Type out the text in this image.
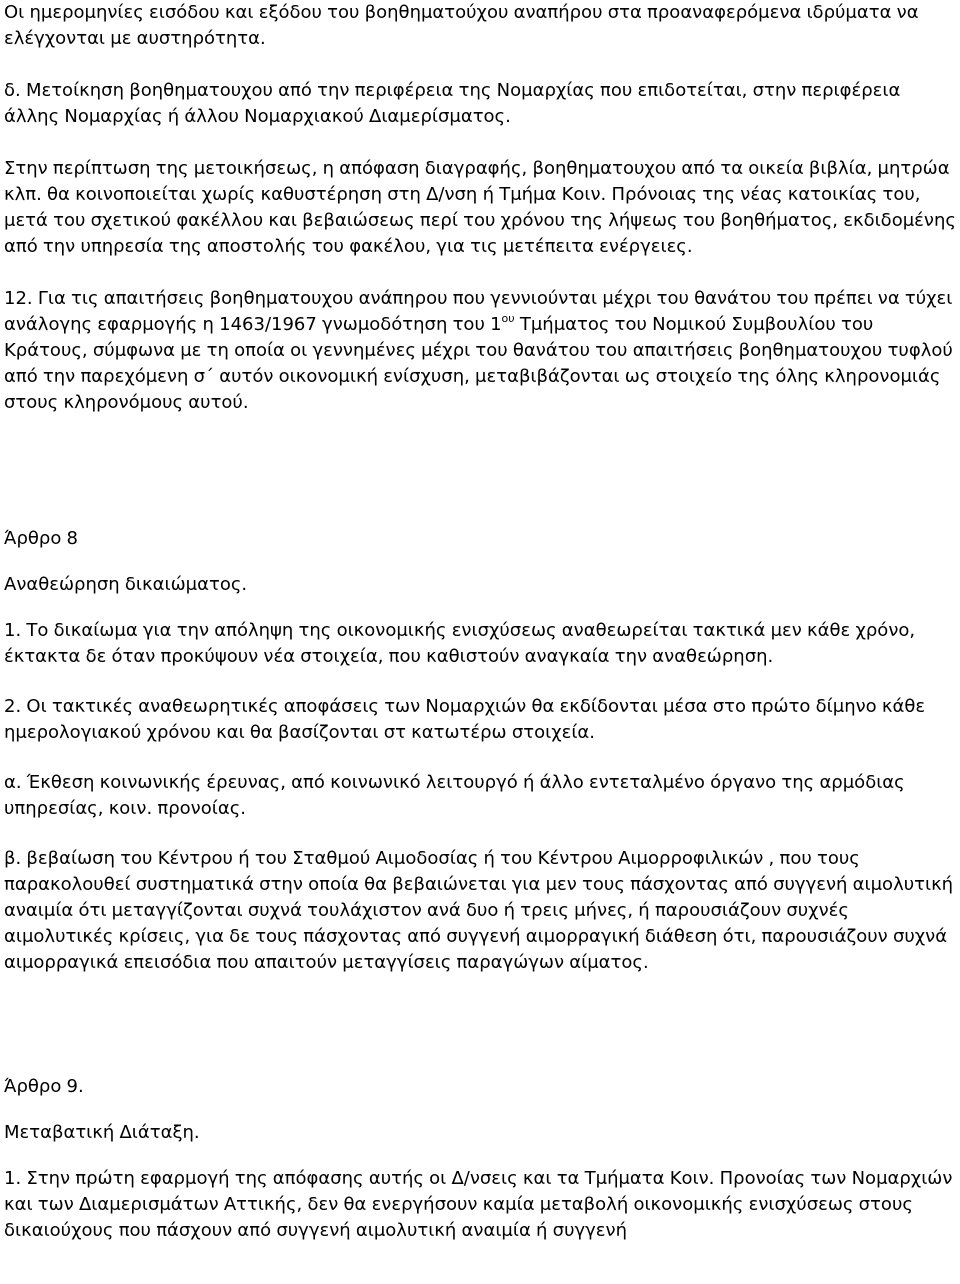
Οι ημερομηνίες εισόδου και εξόδου του βοηθηματούχου αναπήρου στα προαναφερόμενα ιδρύματα να ελέγχονται με αυστηρότητα.

δ. Μετοίκηση βοηθηματουχου από την περιφέρεια της Νομαρχίας που επιδοτείται, στην περιφέρεια άλλης Νομαρχίας ή άλλου Νομαρχιακού Διαμερίσματος.

Στην περίπτωση της μετοικήσεως, η απόφαση διαγραφής, βοηθηματουχου από τα οικεία βιβλία, μητρώα κλπ. θα κοινοποιείται χωρίς καθυστέρηση στη Δ/νση ή Τμήμα Κοιν. Πρόνοιας της νέας κατοικίας του, μετά του σχετικού φακέλλου και βεβαιώσεως περί του χρόνου της λήψεως του βοηθήματος, εκδιδομένης από την υπηρεσία της αποστολής του φακέλου, για τις μετέπειτα ενέργειες.

12. Για τις απαιτήσεις βοηθηματουχου ανάπηρου που γεννιούνται μέχρι του θανάτου του πρέπει να τύχει ανάλογης εφαρμογής η 1463/1967 γνωμοδότηση του $1^{o\upsilon}$ Τμήματος του Νομικού Συμβουλίου του Κράτους, σύμφωνα με τη οποία οι γεννημένες μέχρι του θανάτου του απαιτήσεις βοηθηματουχου τυφλού από την παρεχόμενη σ΄ αυτόν οικονομική ενίσχυση, μεταβιβάζονται ως στοιχείο της όλης κληρονομιάς στους κληρονόμους αυτού.

Άρθρο 8

Αναθεώρηση δικαιώματος.

1. Το δικαίωμα για την απόληψη της οικονομικής ενισχύσεως αναθεωρείται τακτικά μεν κάθε χρόνο, έκτακτα δε όταν προκύψουν νέα στοιχεία, που καθιστούν αναγκαία την αναθεώρηση.

2. Οι τακτικές αναθεωρητικές αποφάσεις των Νομαρχιών θα εκδίδονται μέσα στο πρώτο δίμηνο κάθε ημερολογιακού χρόνου και θα βασίζονται στ κατωτέρω στοιχεία.

α. Έκθεση κοινωνικής έρευνας, από κοινωνικό λειτουργό ή άλλο εντεταλμένο όργανο της αρμόδιας υπηρεσίας, κοιν. προνοίας.

β. βεβαίωση του Κέντρου ή του Σταθμού Αιμοδοσίας ή του Κέντρου Αιμορροφιλικών , που τους παρακολουθεί συστηματικά στην οποία θα βεβαιώνεται για μεν τους πάσχοντας από συγγενή αιμολυτική αναιμία ότι μεταγγίζονται συχνά τουλάχιστον ανά δυο ή τρεις μήνες, ή παρουσιάζουν συχνές αιμολυτικές κρίσεις, για δε τους πάσχοντας από συγγενή αιμορραγική διάθεση ότι, παρουσιάζουν συχνά αιμορραγικά επεισόδια που απαιτούν μεταγγίσεις παραγώγων αίματος.

Άρθρο 9.

Μεταβατική Διάταξη.

1. Στην πρώτη εφαρμογή της απόφασης αυτής οι Δ/νσεις και τα Τμήματα Κοιν. Προνοίας των Νομαρχιών και των Διαμερισμάτων Αττικής, δεν θα ενεργήσουν καμία μεταβολή οικονομικής ενισχύσεως στους δικαιούχους που πάσχουν από συγγενή αιμολυτική αναιμία ή συγγενή
